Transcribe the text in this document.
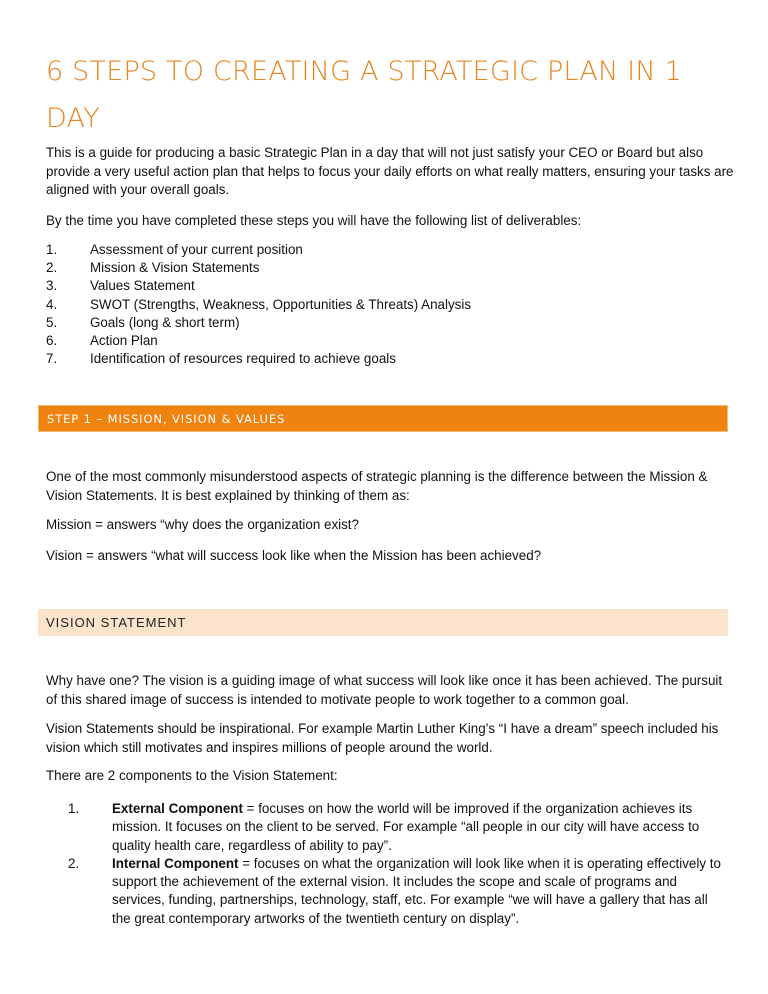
6 STEPS TO CREATING A STRATEGIC PLAN IN 1 DAY

This is a guide for producing a basic Strategic Plan in a day that will not just satisfy your CEO or Board but also provide a very useful action plan that helps to focus your daily efforts on what really matters, ensuring your tasks are aligned with your overall goals.

By the time you have completed these steps you will have the following list of deliverables:

1.	Assessment of your current position
2.	Mission & Vision Statements
3.	Values Statement
4.	SWOT (Strengths, Weakness, Opportunities & Threats) Analysis
5.	Goals (long & short term)
6.	Action Plan
7.	Identification of resources required to achieve goals
STEP 1 – MISSION, VISION & VALUES

One of the most commonly misunderstood aspects of strategic planning is the difference between the Mission & Vision Statements. It is best explained by thinking of them as:

Mission = answers “why does the organization exist?

Vision = answers “what will success look like when the Mission has been achieved?

VISION STATEMENT

Why have one? The vision is a guiding image of what success will look like once it has been achieved. The pursuit of this shared image of success is intended to motivate people to work together to a common goal.

Vision Statements should be inspirational. For example Martin Luther King’s “I have a dream” speech included his vision which still motivates and inspires millions of people around the world.

There are 2 components to the Vision Statement:

1.	External Component = focuses on how the world will be improved if the organization achieves its mission. It focuses on the client to be served. For example “all people in our city will have access to quality health care, regardless of ability to pay”.
2.	Internal Component = focuses on what the organization will look like when it is operating effectively to support the achievement of the external vision. It includes the scope and scale of programs and services, funding, partnerships, technology, staff, etc. For example “we will have a gallery that has all the great contemporary artworks of the twentieth century on display”.
